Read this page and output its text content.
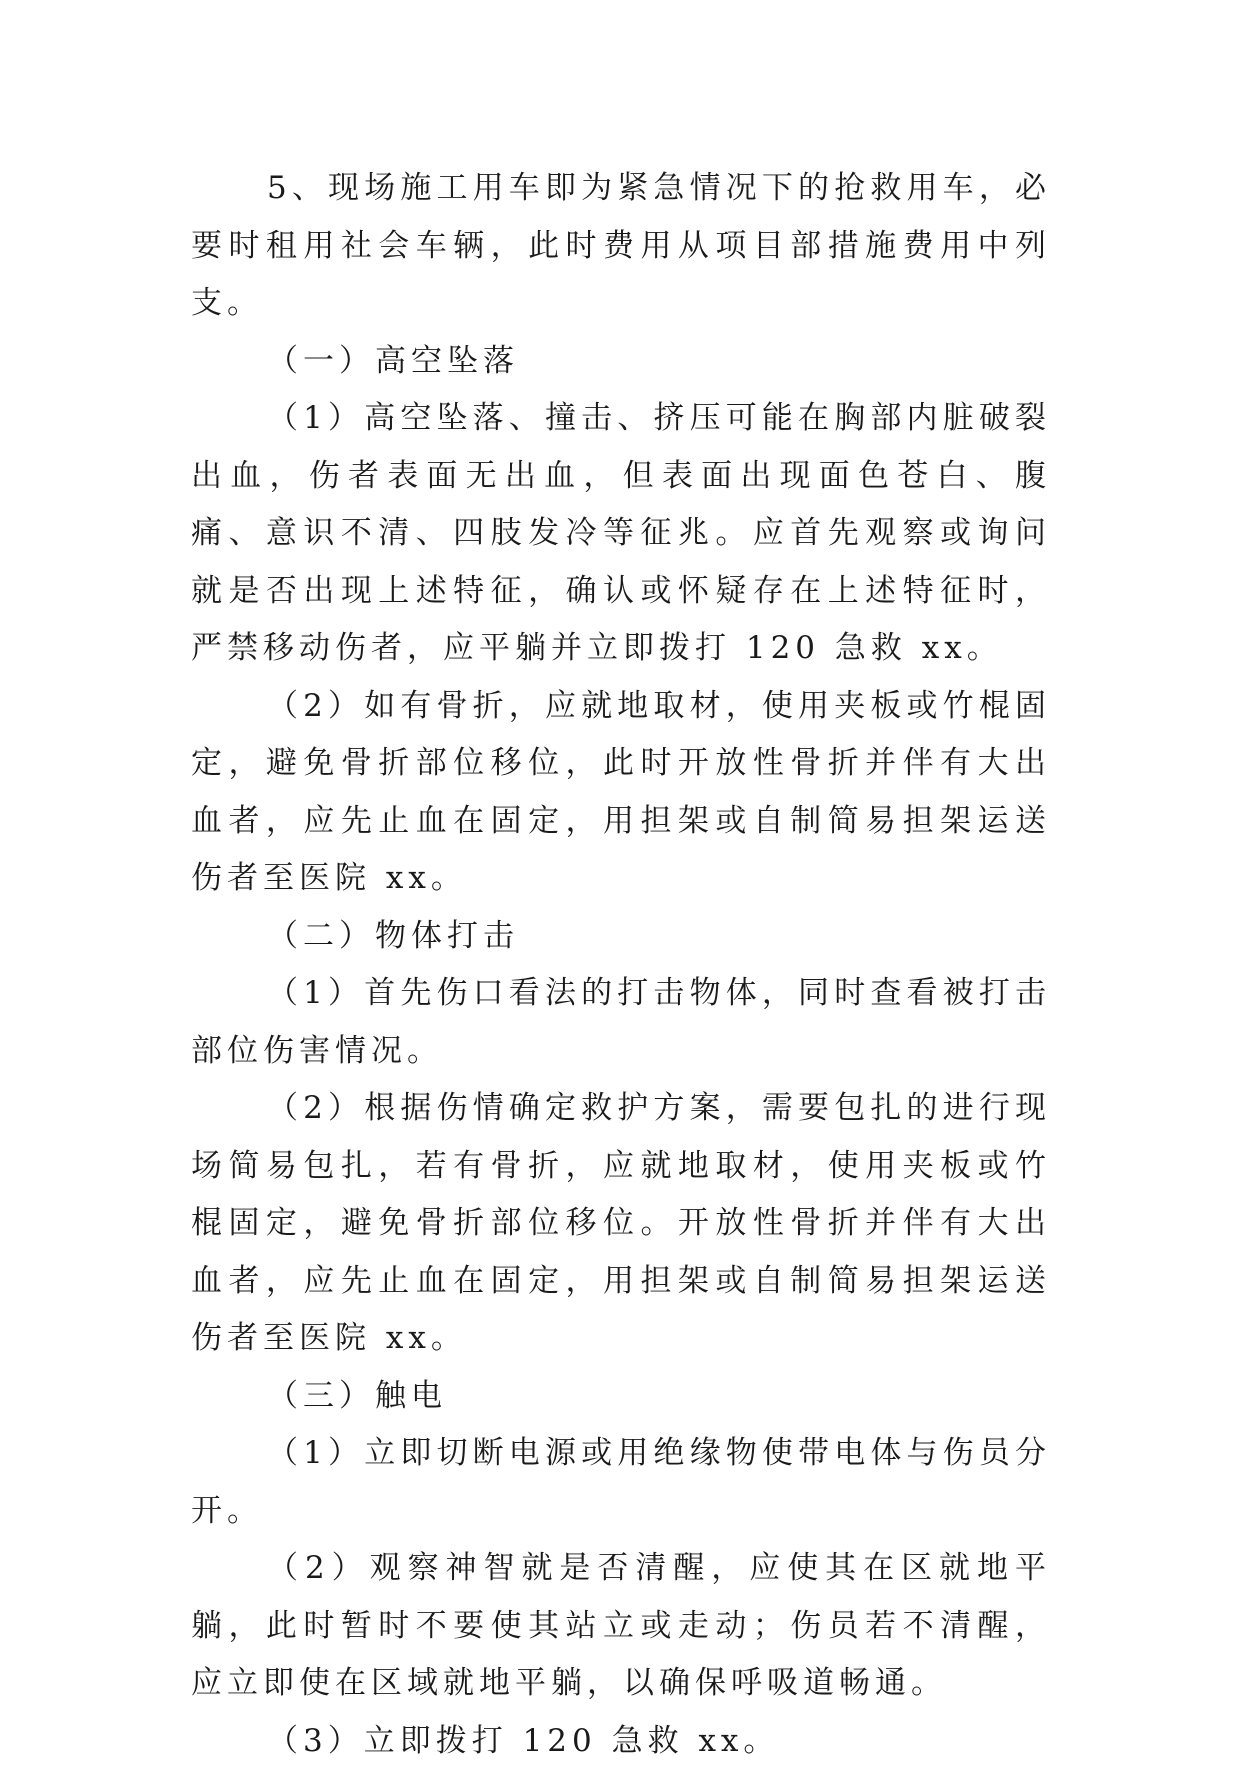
5、现场施工用车即为紧急情况下的抢救用车，必要时租用社会车辆，此时费用从项目部措施费用中列支。

（一）高空坠落

（1）高空坠落、撞击、挤压可能在胸部内脏破裂出血，伤者表面无出血，但表面出现面色苍白、腹痛、意识不清、四肢发冷等征兆。应首先观察或询问就是否出现上述特征，确认或怀疑存在上述特征时，严禁移动伤者，应平躺并立即拨打 120 急救 xx。

（2）如有骨折，应就地取材，使用夹板或竹棍固定，避免骨折部位移位，此时开放性骨折并伴有大出血者，应先止血在固定，用担架或自制简易担架运送伤者至医院 xx。

（二）物体打击

（1）首先伤口看法的打击物体，同时查看被打击部位伤害情况。

（2）根据伤情确定救护方案，需要包扎的进行现场简易包扎，若有骨折，应就地取材，使用夹板或竹棍固定，避免骨折部位移位。开放性骨折并伴有大出血者，应先止血在固定，用担架或自制简易担架运送伤者至医院 xx。

（三）触电

（1）立即切断电源或用绝缘物使带电体与伤员分开。

（2）观察神智就是否清醒，应使其在区就地平躺，此时暂时不要使其站立或走动；伤员若不清醒，应立即使在区域就地平躺，以确保呼吸道畅通。

（3）立即拨打 120 急救 xx。
